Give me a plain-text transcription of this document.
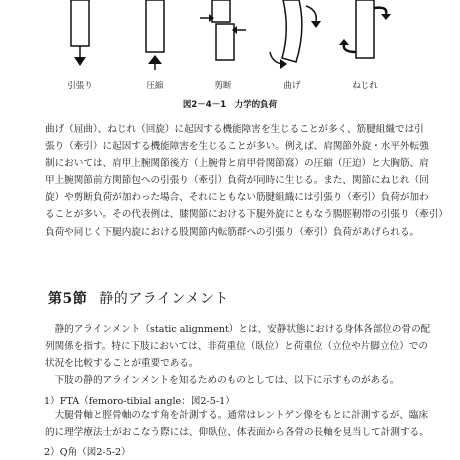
引張り	圧縮	剪断	曲げ	ねじれ
図2－4－1　力学的負荷
曲げ（屈曲）、ねじれ（回旋）に起因する機能障害を生じることが多く、筋腱組織では引
張り（牽引）に起因する機能障害を生じることが多い。例えば、肩関節外旋・水平外転強
制においては、肩甲上腕関節後方（上腕骨と肩甲骨関節窩）の圧縮（圧迫）と大胸筋、肩
甲上腕関節前方関節包への引張り（牽引）負荷が同時に生じる。また、関節にねじれ（回
旋）や剪断負荷が加わった場合、それにともない筋腱組織には引張り（牽引）負荷が加わ
ることが多い。その代表例は、膝関節における下腿外旋にともなう腸脛靭帯の引張り（牽引）
負荷や同じく下腿内旋における股関節内転筋群への引張り（牽引）負荷があげられる。
第5節 静的アラインメント
静的アラインメント（static alignment）とは、安静状態における身体各部位の骨の配
列関係を指す。特に下肢においては、非荷重位（臥位）と荷重位（立位や片脚立位）での
状況を比較することが重要である。
下肢の静的アラインメントを知るためのものとしては、以下に示すものがある。
1）FTA（femoro-tibial angle：図2-5-1）
大腿骨軸と脛骨軸のなす角を計測する。通常はレントゲン像をもとに計測するが、臨床
的に理学療法士がおこなう際には、仰臥位、体表面から各骨の長軸を見当して計測する。
2）Q角（図2-5-2）
